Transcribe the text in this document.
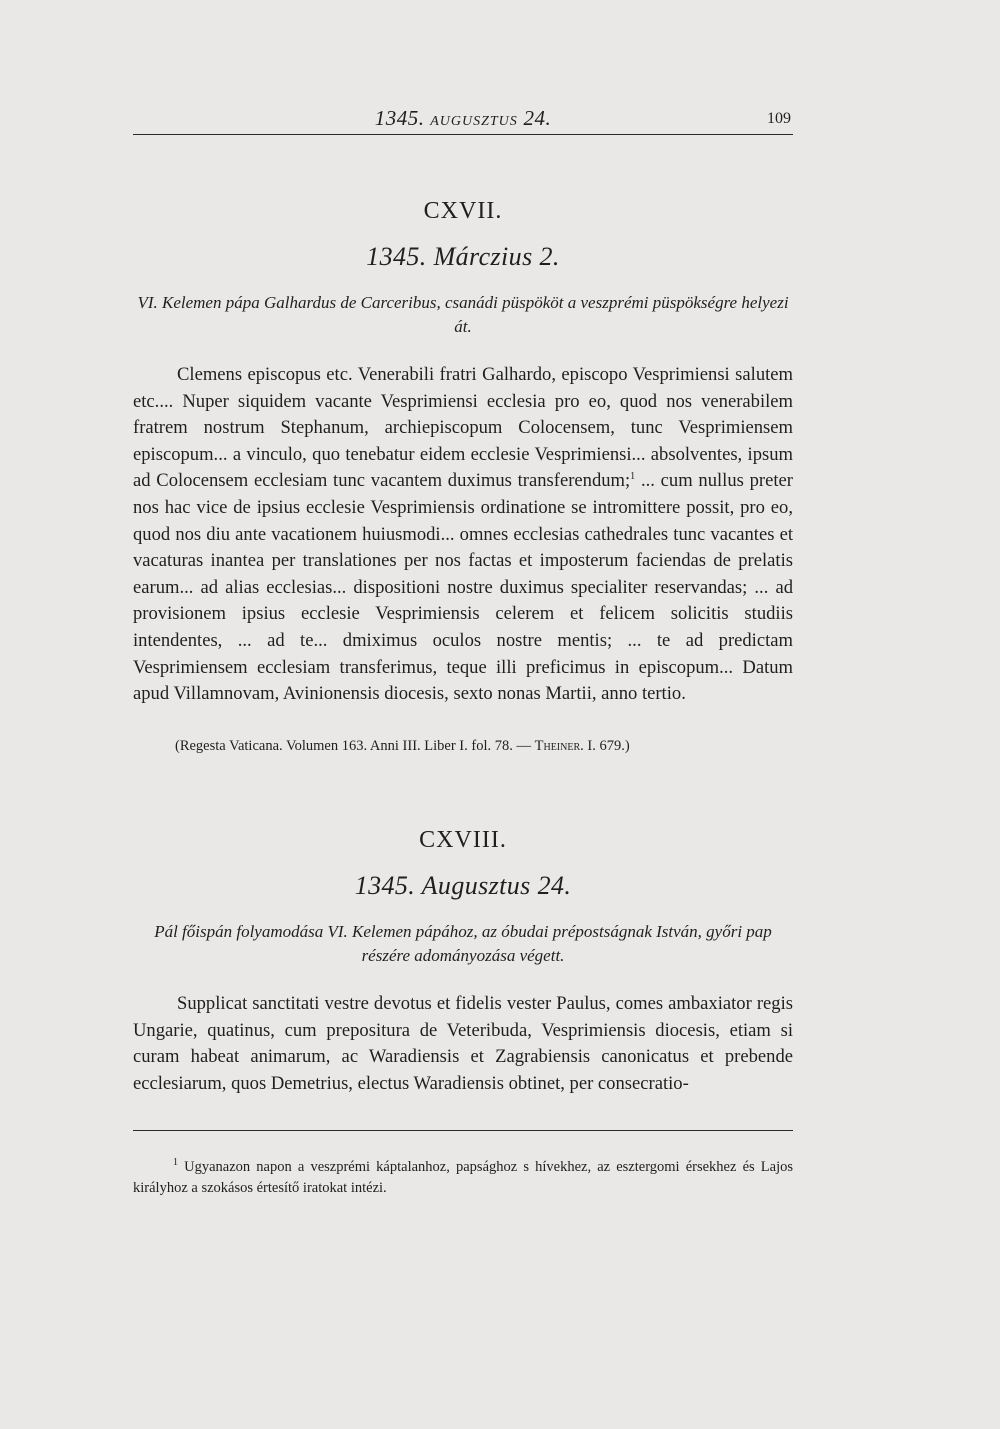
1345. AUGUSZTUS 24.	109
CXVII.
1345. Márczius 2.
VI. Kelemen pápa Galhardus de Carceribus, csanádi püspököt a veszprémi püspökségre helyezi át.
Clemens episcopus etc. Venerabili fratri Galhardo, episcopo Vesprimiensi salutem etc.... Nuper siquidem vacante Vesprimiensi ecclesia pro eo, quod nos venerabilem fratrem nostrum Stephanum, archiepiscopum Colocensem, tunc Vesprimiensem episcopum... a vinculo, quo tenebatur eidem ecclesie Vesprimiensi... absolventes, ipsum ad Colocensem ecclesiam tunc vacantem duximus transferendum;$^1$ ... cum nullus preter nos hac vice de ipsius ecclesie Vesprimiensis ordinatione se intromittere possit, pro eo, quod nos diu ante vacationem huiusmodi... omnes ecclesias cathedrales tunc vacantes et vacaturas inantea per translationes per nos factas et imposterum faciendas de prelatis earum... ad alias ecclesias... dispositioni nostre duximus specialiter reservandas; ... ad provisionem ipsius ecclesie Vesprimiensis celerem et felicem solicitis studiis intendentes, ... ad te... dmiximus oculos nostre mentis; ... te ad predictam Vesprimiensem ecclesiam transferimus, teque illi preficimus in episcopum... Datum apud Villamnovam, Avinionensis diocesis, sexto nonas Martii, anno tertio.
(Regesta Vaticana. Volumen 163. Anni III. Liber I. fol. 78. — Theiner. I. 679.)
CXVIII.
1345. Auguszt‍us 24.
Pál főispán folyamodása VI. Kelemen pápához, az óbudai prépostságnak István, győri pap részére adományozása végett.
Supplicat sanctitati vestre devotus et fidelis vester Paulus, comes ambaxiator regis Ungarie, quatinus, cum prepositura de Veteribuda, Vesprimiensis diocesis, etiam si curam habeat animarum, ac Waradiensis et Zagrabiensis canonicatus et prebende ecclesiarum, quos Demetrius, electus Waradiensis obtinet, per consecratio-
$^1$ Ugyanazon napon a veszprémi káptalanhoz, papsághoz s hívekhez, az esztergomi érsekhez és Lajos királyhoz a szokásos értesítő iratokat intézi.
